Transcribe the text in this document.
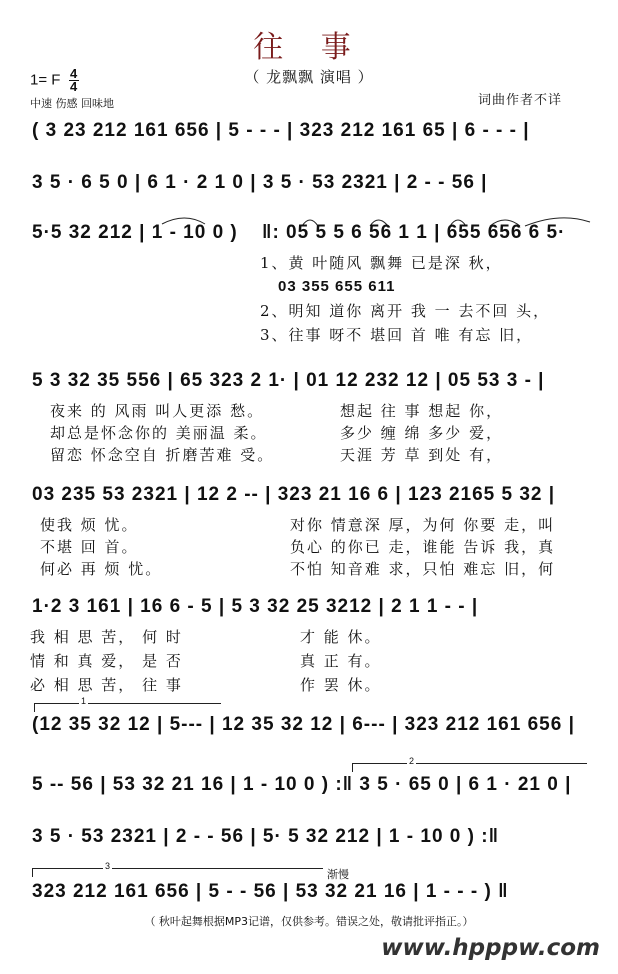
往 事
（ 龙飘飘 演唱 ）
1= F $\frac{4}{4}$
中速 伤感 回味地	词曲作者不详
( 3 23 212 161 656 | 5 - - - | 323 212 161 65 | 6 - - - |
3 5 · 6 5 0 | 6 1 · 2 1 0 | 3 5 · 53 2321 | 2 - - 56 |
5·5 32 212 | 1 - 10 0 ) ‖: 05 5 5 6 56 1 1 | 655 656 6 5·
1、黄 叶随风 飘舞 已是深 秋，
03 355 655 611
2、明知 道你 离开 我 一 去不回 头，
3、往事 呀不 堪回 首 唯 有忘 旧，
5 3 32 35 556 | 65 323 2 1· | 01 12 232 12 | 05 53 3 - |
夜来 的 风雨 叫人更添 愁。
却总是怀念你的 美丽温 柔。
留恋 怀念空自 折磨苦难 受。
想起 往 事 想起 你，
多少 缠 绵 多少 爱，
天涯 芳 草 到处 有，
03 235 53 2321 | 12 2 -- | 323 21 16 6 | 123 2165 5 32 |
使我 烦 忧。
不堪 回 首。
何必 再 烦 忧。
对你 情意深 厚，为何 你要 走，叫
负心 的你已 走，谁能 告诉 我，真
不怕 知音难 求，只怕 难忘 旧，何
1·2 3 161 | 16 6 - 5 | 5 3 32 25 3212 | 2 1 1 - - |
我 相 思 苦， 何 时
情 和 真 爱， 是 否
必 相 思 苦， 往 事
才 能 休。
真 正 有。
作 罢 休。
1
(12 35 32 12 | 5--- | 12 35 32 12 | 6--- | 323 212 161 656 |
2
5 -- 56 | 53 32 21 16 | 1 - 10 0 ) :‖ 3 5 · 65 0 | 6 1 · 21 0 |
3 5 · 53 2321 | 2 - - 56 | 5· 5 32 212 | 1 - 10 0 ) :‖
3
渐慢
323 212 161 656 | 5 - - 56 | 53 32 21 16 | 1 - - - ) ‖
（ 秋叶起舞根据MP3记谱，仅供参考。错误之处，敬请批评指正。）
www.hpppw.com
